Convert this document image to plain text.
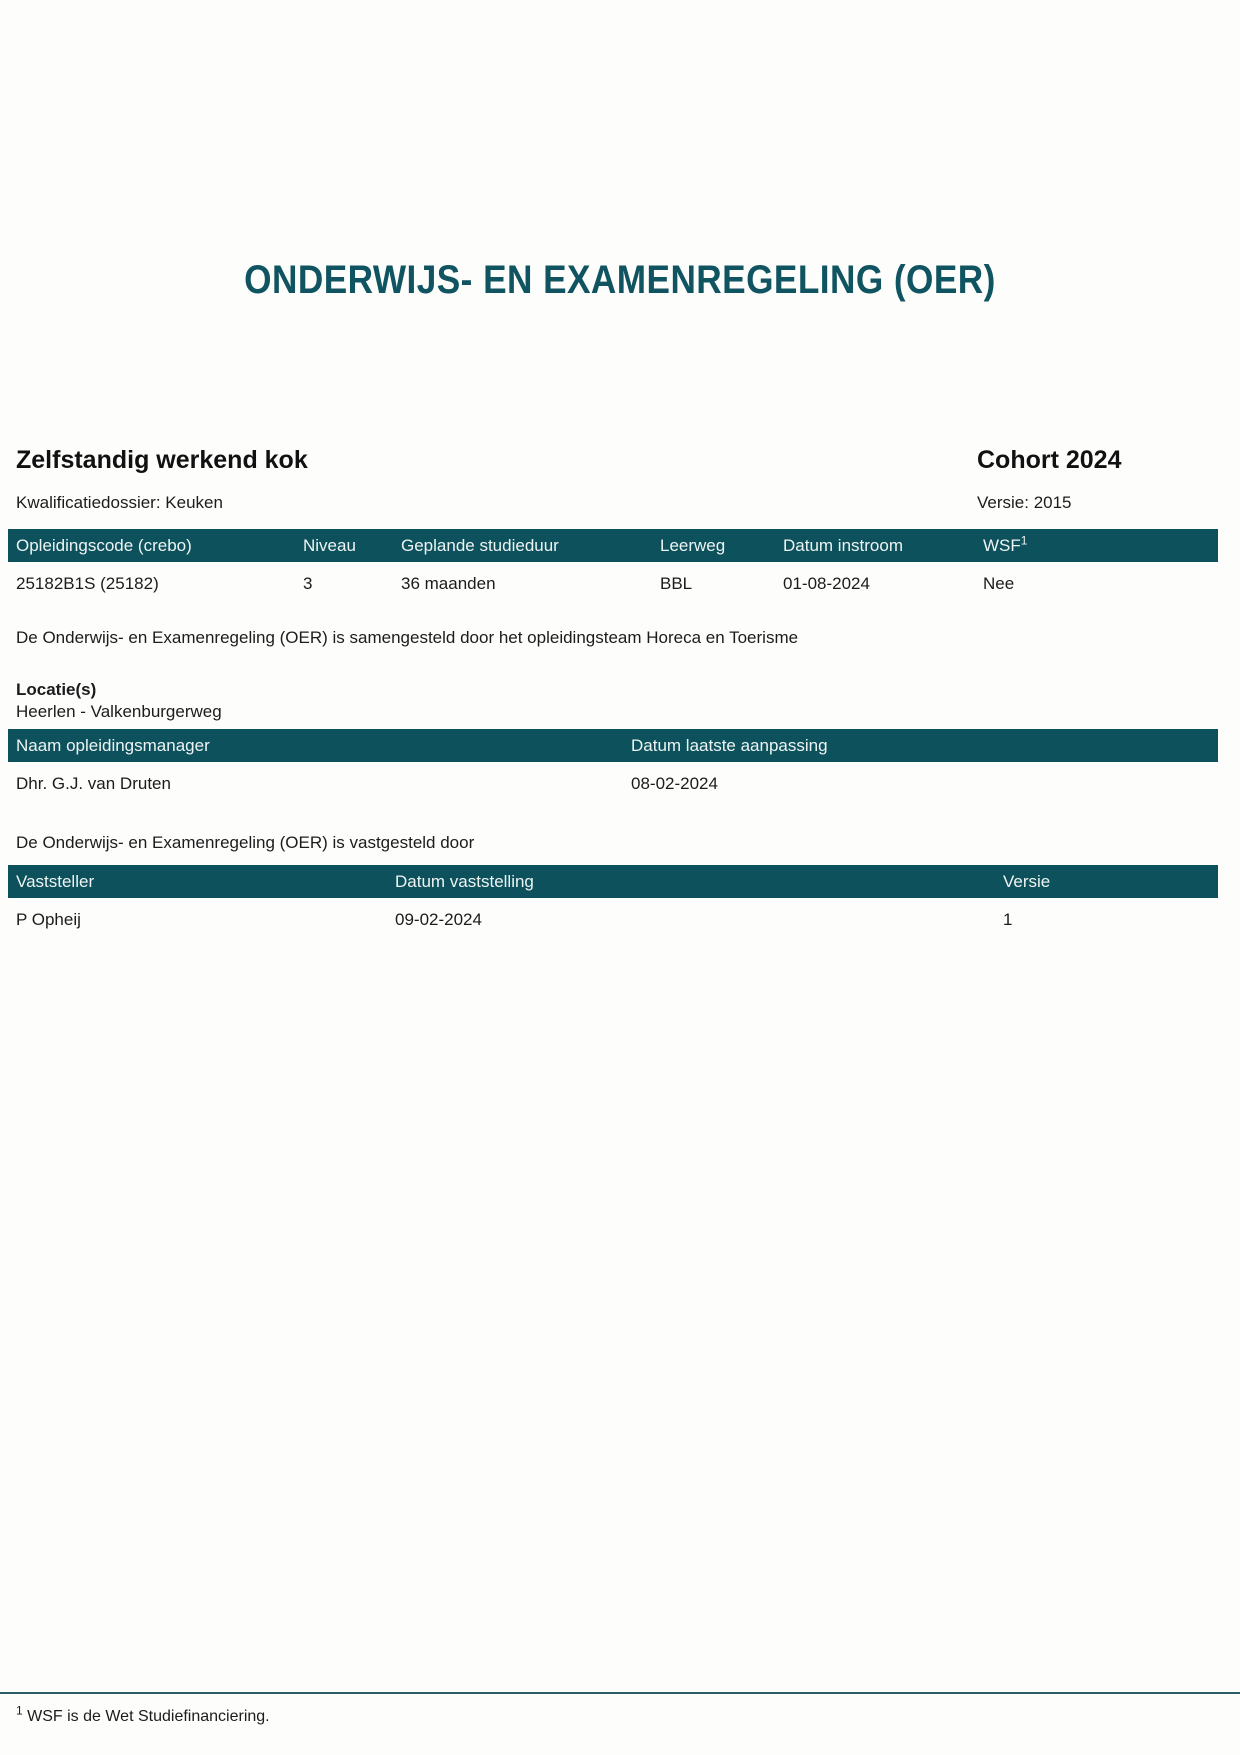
ONDERWIJS- EN EXAMENREGELING (OER)
Zelfstandig werkend kok	Cohort 2024
Kwalificatiedossier: Keuken	Versie: 2015
Opleidingscode (crebo)	Niveau	Geplande studieduur	Leerweg	Datum instroom	WSF$^1$
25182B1S (25182)	3	36 maanden	BBL	01-08-2024	Nee
De Onderwijs- en Examenregeling (OER) is samengesteld door het opleidingsteam Horeca en Toerisme
Locatie(s)
Heerlen - Valkenburgerweg
Naam opleidingsmanager	Datum laatste aanpassing
Dhr. G.J. van Druten	08-02-2024
De Onderwijs- en Examenregeling (OER) is vastgesteld door
Vaststeller	Datum vaststelling	Versie
P Opheij	09-02-2024	1
$^1$ WSF is de Wet Studiefinanciering.
